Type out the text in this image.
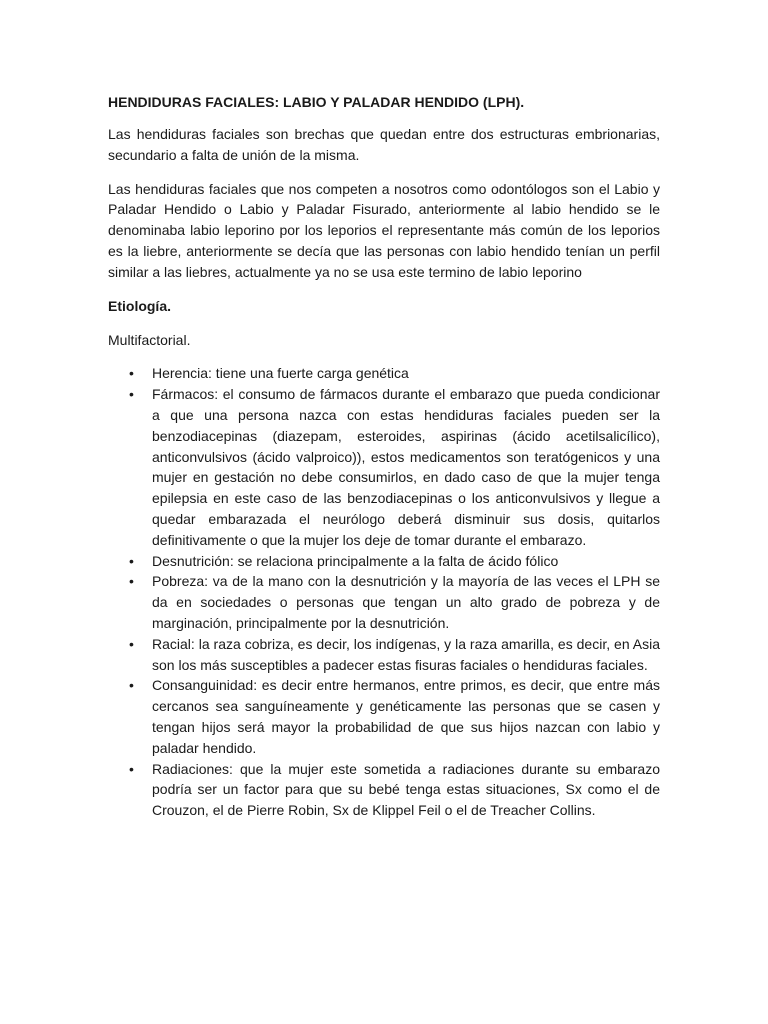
HENDIDURAS FACIALES: LABIO Y PALADAR HENDIDO (LPH).

Las hendiduras faciales son brechas que quedan entre dos estructuras embrionarias, secundario a falta de unión de la misma.

Las hendiduras faciales que nos competen a nosotros como odontólogos son el Labio y Paladar Hendido o Labio y Paladar Fisurado, anteriormente al labio hendido se le denominaba labio leporino por los leporios el representante más común de los leporios es la liebre, anteriormente se decía que las personas con labio hendido tenían un perfil similar a las liebres, actualmente ya no se usa este termino de labio leporino

Etiología.

Multifactorial.

• Herencia: tiene una fuerte carga genética
• Fármacos: el consumo de fármacos durante el embarazo que pueda condicionar a que una persona nazca con estas hendiduras faciales pueden ser la benzodiacepinas (diazepam, esteroides, aspirinas (ácido acetilsalicílico), anticonvulsivos (ácido valproico)), estos medicamentos son teratógenicos y una mujer en gestación no debe consumirlos, en dado caso de que la mujer tenga epilepsia en este caso de las benzodiacepinas o los anticonvulsivos y llegue a quedar embarazada el neurólogo deberá disminuir sus dosis, quitarlos definitivamente o que la mujer los deje de tomar durante el embarazo.
• Desnutrición: se relaciona principalmente a la falta de ácido fólico
• Pobreza: va de la mano con la desnutrición y la mayoría de las veces el LPH se da en sociedades o personas que tengan un alto grado de pobreza y de marginación, principalmente por la desnutrición.
• Racial: la raza cobriza, es decir, los indígenas, y la raza amarilla, es decir, en Asia son los más susceptibles a padecer estas fisuras faciales o hendiduras faciales.
• Consanguinidad: es decir entre hermanos, entre primos, es decir, que entre más cercanos sea sanguíneamente y genéticamente las personas que se casen y tengan hijos será mayor la probabilidad de que sus hijos nazcan con labio y paladar hendido.
• Radiaciones: que la mujer este sometida a radiaciones durante su embarazo podría ser un factor para que su bebé tenga estas situaciones, Sx como el de Crouzon, el de Pierre Robin, Sx de Klippel Feil o el de Treacher Collins.
